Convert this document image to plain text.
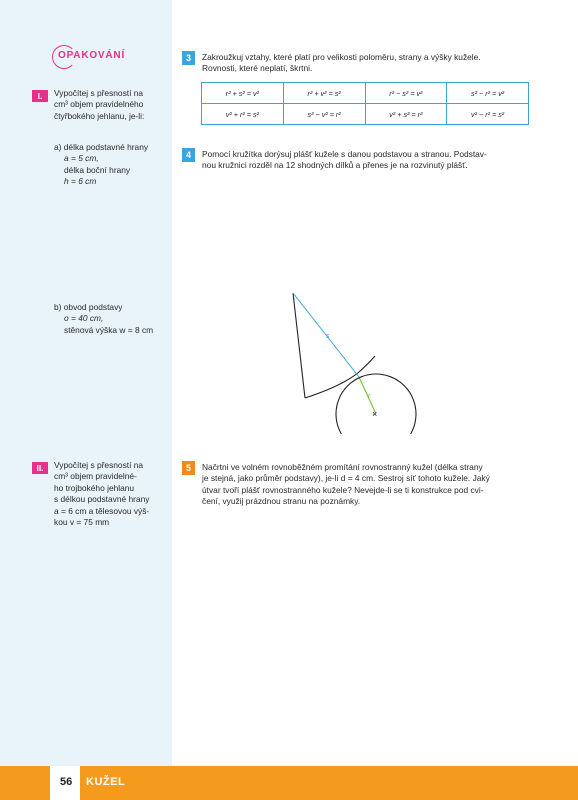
OPAKOVÁNÍ
I.	Vypočítej s přesností na
cm³ objem pravidelného
čtyřbokého jehlanu, je-li:
a) délka podstavné hrany
a = 5 cm,
délka boční hrany
h = 6 cm
b) obvod podstavy
o = 40 cm,
stěnová výška w = 8 cm
II.	Vypočítej s přesností na
cm³ objem pravidelné-
ho trojbokého jehlanu
s délkou podstavné hrany
a = 6 cm a tělesovou výš-
kou v = 75 mm
3	Zakroužkuj vztahy, které platí pro velikosti poloměru, strany a výšky kužele.
Rovnosti, které neplatí, škrtni.
r² + s² = v²	r² + v² = s²	r² − s² = v²	s² − r² = v²
v² + r² = s²	s² − v² = r²	v² + s² = r²	v² − r² = s²
4	Pomocí kružítka dorýsuj plášť kužele s danou podstavou a stranou. Podstav-
nou kružnici rozděl na 12 shodných dílků a přenes je na rozvinutý plášť.
s
r
×
5	Načrtni ve volném rovnoběžném promítání rovnostranný kužel (délka strany
je stejná, jako průměr podstavy), je-li d = 4 cm. Sestroj síť tohoto kužele. Jaký
útvar tvoří plášť rovnostranného kužele? Nevejde-li se ti konstrukce pod cvi-
čení, využij prázdnou stranu na poznámky.
56 KUŽEL
